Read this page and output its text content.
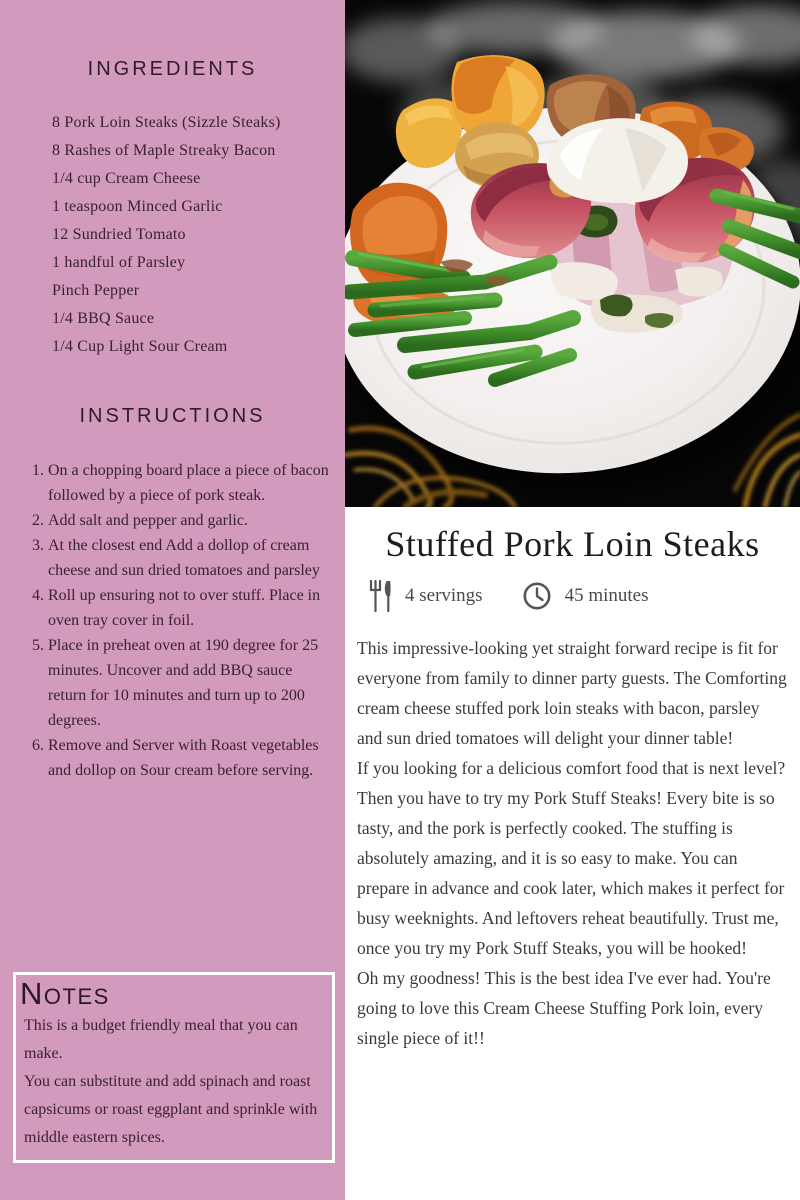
INGREDIENTS
8 Pork Loin Steaks (Sizzle Steaks)
8 Rashes of Maple Streaky Bacon
1/4 cup Cream Cheese
1 teaspoon Minced Garlic
12 Sundried Tomato
1 handful of Parsley
Pinch Pepper
1/4 BBQ Sauce
1/4 Cup Light Sour Cream
INSTRUCTIONS
1. On a chopping board place a piece of bacon followed by a piece of pork steak.
2. Add salt and pepper and garlic.
3. At the closest end Add a dollop of cream cheese and sun dried tomatoes and parsley
4. Roll up ensuring not to over stuff. Place in oven tray cover in foil.
5. Place in preheat oven at 190 degree for 25 minutes. Uncover and add BBQ sauce return for 10 minutes and turn up to 200 degrees.
6. Remove and Server with Roast vegetables and dollop on Sour cream before serving.
Notes

This is a budget friendly meal that you can make.

You can substitute and add spinach and roast capsicums or roast eggplant and sprinkle with middle eastern spices.

Stuffed Pork Loin Steaks
4 servings	45 minutes

This impressive-looking yet straight forward recipe is fit for everyone from family to dinner party guests. The Comforting cream cheese stuffed pork loin steaks with bacon, parsley and sun dried tomatoes will delight your dinner table!

If you looking for a delicious comfort food that is next level? Then you have to try my Pork Stuff Steaks! Every bite is so tasty, and the pork is perfectly cooked. The stuffing is absolutely amazing, and it is so easy to make. You can prepare in advance and cook later, which makes it perfect for busy weeknights. And leftovers reheat beautifully. Trust me, once you try my Pork Stuff Steaks, you will be hooked!

Oh my goodness! This is the best idea I've ever had. You're going to love this Cream Cheese Stuffing Pork loin, every single piece of it!!
